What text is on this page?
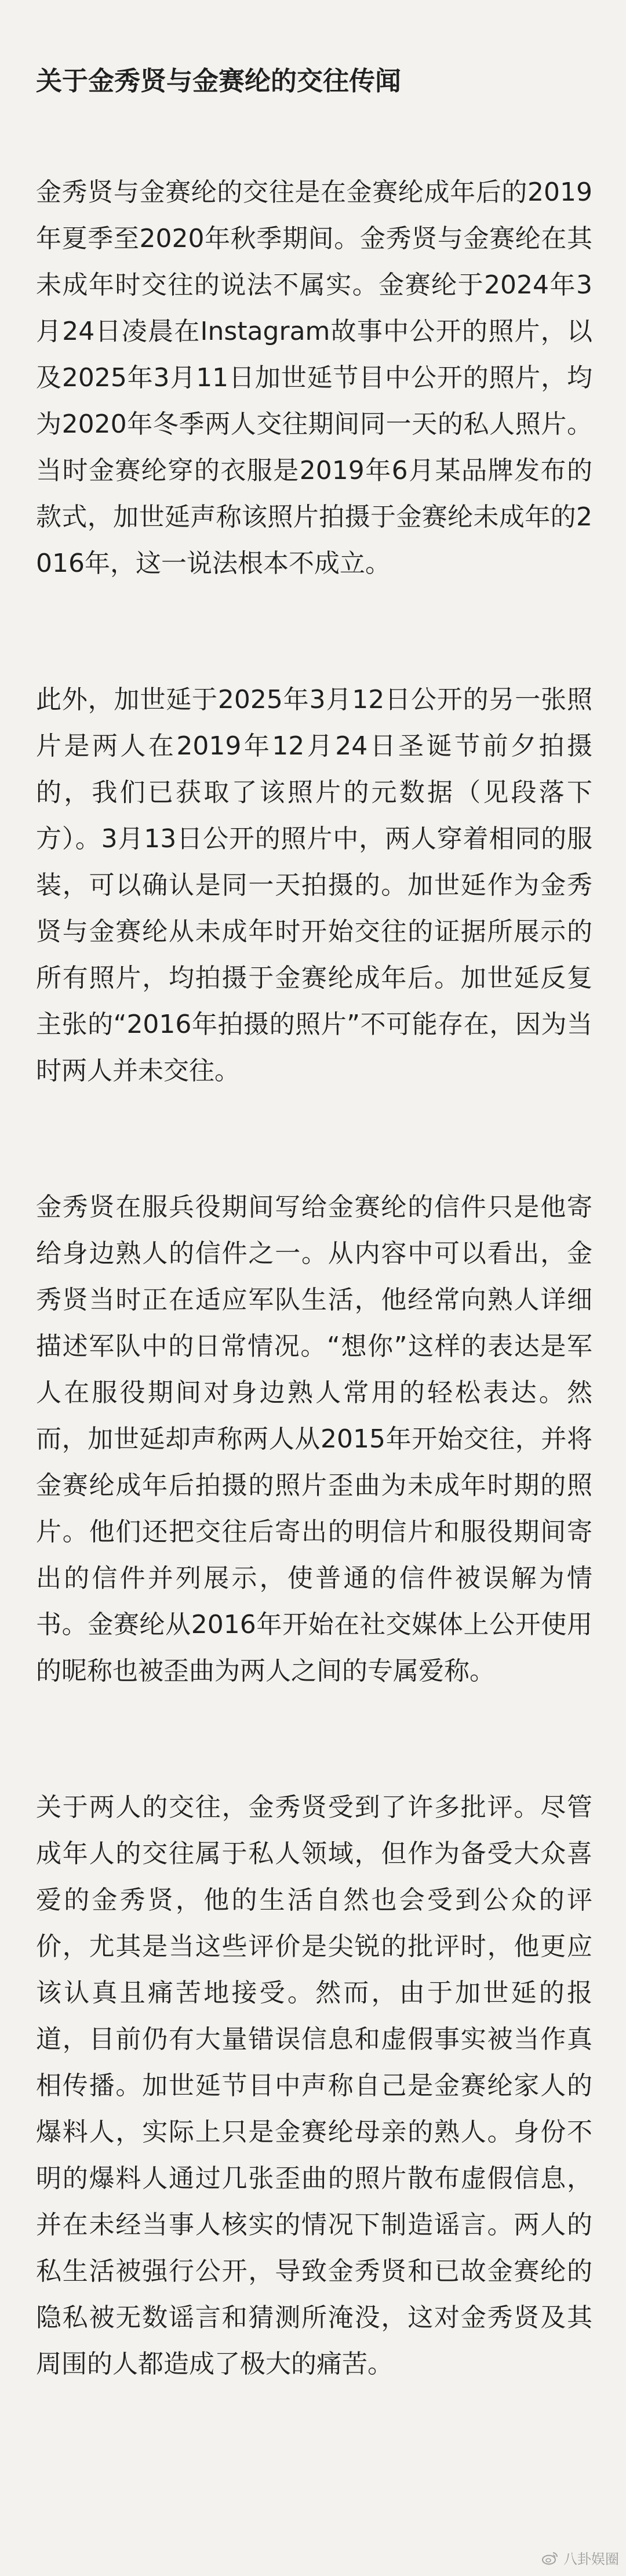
关于金秀贤与金赛纶的交往传闻

金秀贤与金赛纶的交往是在金赛纶成年后的2019年夏季至2020年秋季期间。金秀贤与金赛纶在其未成年时交往的说法不属实。金赛纶于2024年3月24日凌晨在Instagram故事中公开的照片，以及2025年3月11日加世延节目中公开的照片，均为2020年冬季两人交往期间同一天的私人照片。当时金赛纶穿的衣服是2019年6月某品牌发布的款式，加世延声称该照片拍摄于金赛纶未成年的2016年，这一说法根本不成立。

此外，加世延于2025年3月12日公开的另一张照片是两人在2019年12月24日圣诞节前夕拍摄的，我们已获取了该照片的元数据（见段落下方）。3月13日公开的照片中，两人穿着相同的服装，可以确认是同一天拍摄的。加世延作为金秀贤与金赛纶从未成年时开始交往的证据所展示的所有照片，均拍摄于金赛纶成年后。加世延反复主张的“2016年拍摄的照片”不可能存在，因为当时两人并未交往。

金秀贤在服兵役期间写给金赛纶的信件只是他寄给身边熟人的信件之一。从内容中可以看出，金秀贤当时正在适应军队生活，他经常向熟人详细描述军队中的日常情况。“想你”这样的表达是军人在服役期间对身边熟人常用的轻松表达。然而，加世延却声称两人从2015年开始交往，并将金赛纶成年后拍摄的照片歪曲为未成年时期的照片。他们还把交往后寄出的明信片和服役期间寄出的信件并列展示，使普通的信件被误解为情书。金赛纶从2016年开始在社交媒体上公开使用的昵称也被歪曲为两人之间的专属爱称。

关于两人的交往，金秀贤受到了许多批评。尽管成年人的交往属于私人领域，但作为备受大众喜爱的金秀贤，他的生活自然也会受到公众的评价，尤其是当这些评价是尖锐的批评时，他更应该认真且痛苦地接受。然而，由于加世延的报道，目前仍有大量错误信息和虚假事实被当作真相传播。加世延节目中声称自己是金赛纶家人的爆料人，实际上只是金赛纶母亲的熟人。身份不明的爆料人通过几张歪曲的照片散布虚假信息，并在未经当事人核实的情况下制造谣言。两人的私生活被强行公开，导致金秀贤和已故金赛纶的隐私被无数谣言和猜测所淹没，这对金秀贤及其周围的人都造成了极大的痛苦。

八卦娱圈
